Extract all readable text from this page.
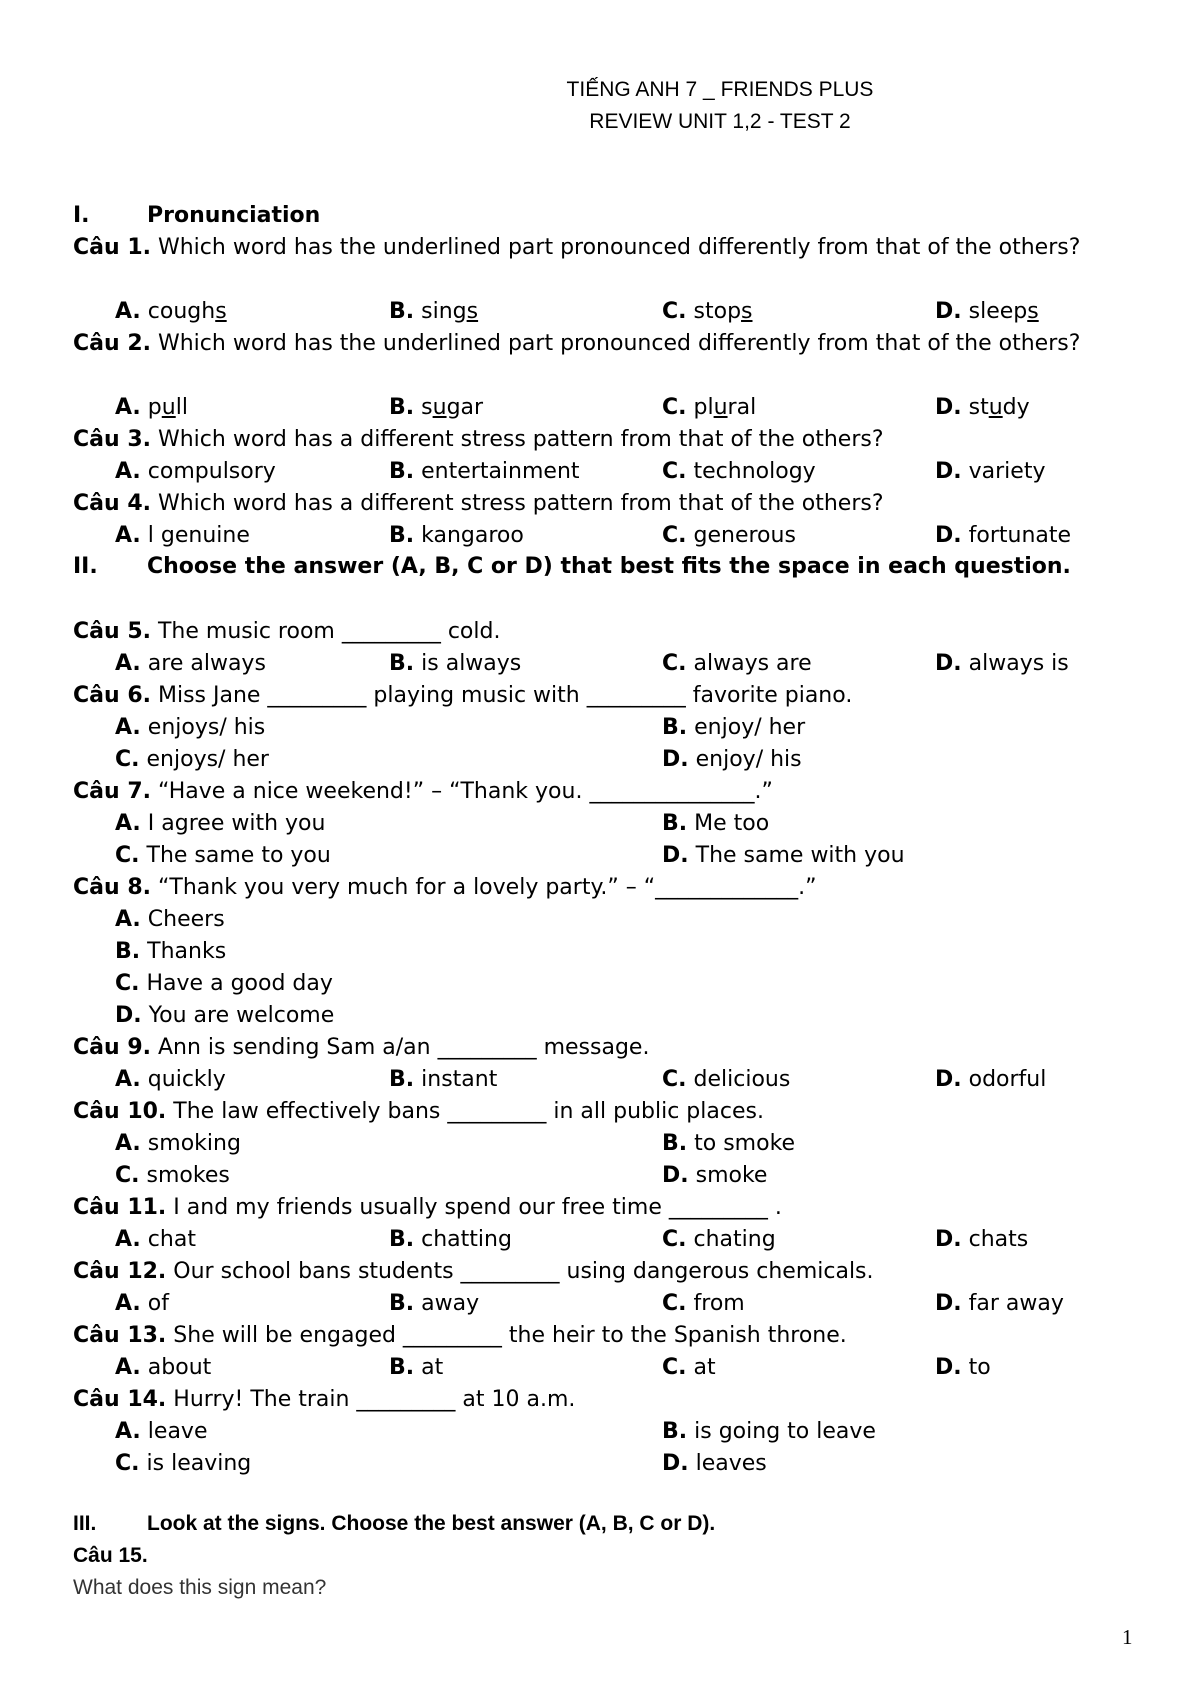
TIẾNG ANH 7 _ FRIENDS PLUS
REVIEW UNIT 1,2 - TEST 2
I.	Pronunciation
Câu 1. Which word has the underlined part pronounced differently from that of the others?
A. coughs	B. sings	C. stops	D. sleeps
Câu 2. Which word has the underlined part pronounced differently from that of the others?
A. pull	B. sugar	C. plural	D. study
Câu 3. Which word has a different stress pattern from that of the others?
A. compulsory	B. entertainment	C. technology	D. variety
Câu 4. Which word has a different stress pattern from that of the others?
A. l genuine	B. kangaroo	C. generous	D. fortunate
II. Choose the answer (A, B, C or D) that best fits the space in each question.
Câu 5. The music room _________ cold.
A. are always	B. is always	C. always are	D. always is
Câu 6. Miss Jane _________ playing music with _________ favorite piano.
A. enjoys/ his	B. enjoy/ her
C. enjoys/ her	D. enjoy/ his
Câu 7. “Have a nice weekend!” – “Thank you. _______________.”
A. I agree with you	B. Me too
C. The same to you	D. The same with you
Câu 8. “Thank you very much for a lovely party.” – “_____________.”
A. Cheers
B. Thanks
C. Have a good day
D. You are welcome
Câu 9. Ann is sending Sam a/an _________ message.
A. quickly	B. instant	C. delicious	D. odorful
Câu 10. The law effectively bans _________ in all public places.
A. smoking	B. to smoke
C. smokes	D. smoke
Câu 11. I and my friends usually spend our free time _________ .
A. chat	B. chatting	C. chating	D. chats
Câu 12. Our school bans students _________ using dangerous chemicals.
A. of	B. away	C. from	D. far away
Câu 13. She will be engaged _________ the heir to the Spanish throne.
A. about	B. at	C. at	D. to
Câu 14. Hurry! The train _________ at 10 a.m.
A. leave	B. is going to leave
C. is leaving	D. leaves
III. Look at the signs. Choose the best answer (A, B, C or D).
Câu 15.
What does this sign mean?
1
